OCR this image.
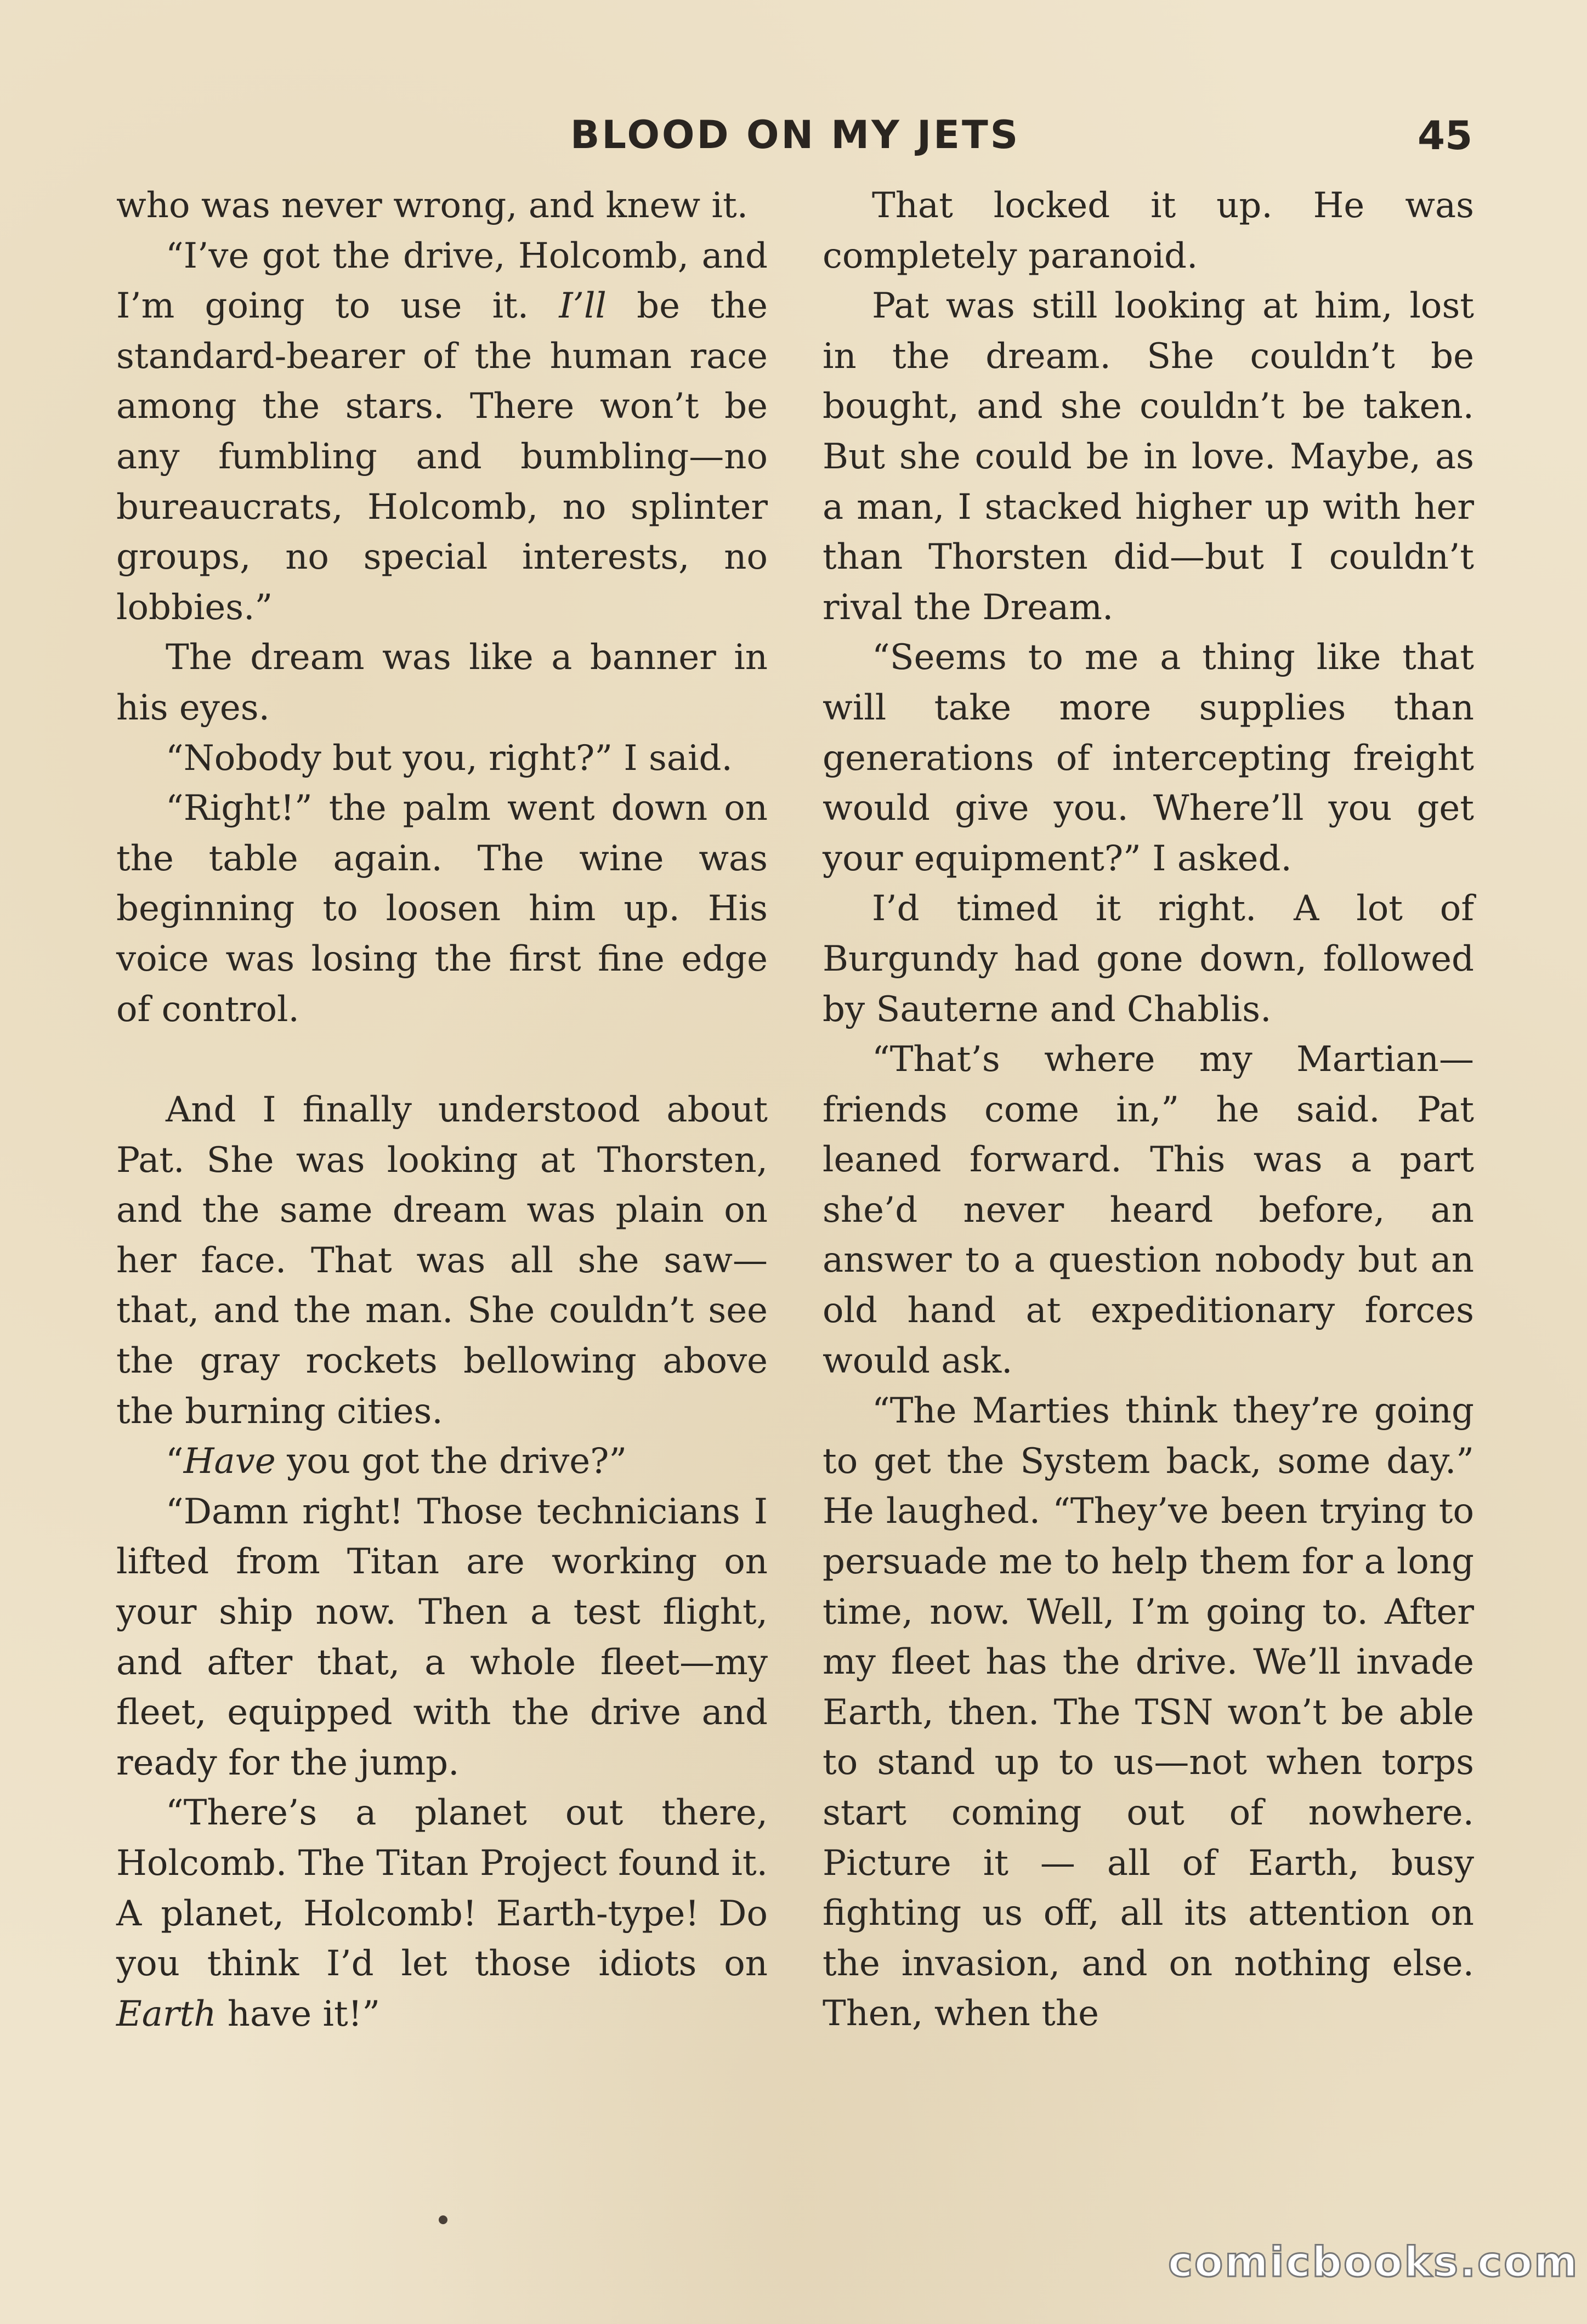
BLOOD ON MY JETS	45

who was never wrong, and knew it.

“I’ve got the drive, Holcomb, and I’m going to use it. I’ll be the standard-bearer of the human race among the stars. There won’t be any fumbling and bumbling—no bureaucrats, Holcomb, no splinter groups, no special interests, no lobbies.”

The dream was like a banner in his eyes.

“Nobody but you, right?” I said.

“Right!” the palm went down on the table again. The wine was beginning to loosen him up. His voice was losing the first fine edge of control.

And I finally understood about Pat. She was looking at Thorsten, and the same dream was plain on her face. That was all she saw—that, and the man. She couldn’t see the gray rockets bellowing above the burning cities.

“Have you got the drive?”

“Damn right! Those technicians I lifted from Titan are working on your ship now. Then a test flight, and after that, a whole fleet—my fleet, equipped with the drive and ready for the jump.

“There’s a planet out there, Holcomb. The Titan Project found it. A planet, Holcomb! Earth-type! Do you think I’d let those idiots on Earth have it!”

That locked it up. He was completely paranoid.

Pat was still looking at him, lost in the dream. She couldn’t be bought, and she couldn’t be taken. But she could be in love. Maybe, as a man, I stacked higher up with her than Thorsten did—but I couldn’t rival the Dream.

“Seems to me a thing like that will take more supplies than generations of intercepting freight would give you. Where’ll you get your equipment?” I asked.

I’d timed it right. A lot of Burgundy had gone down, followed by Sauterne and Chablis.

“That’s where my Martian—friends come in,” he said. Pat leaned forward. This was a part she’d never heard before, an answer to a question nobody but an old hand at expeditionary forces would ask.

“The Marties think they’re going to get the System back, some day.” He laughed. “They’ve been trying to persuade me to help them for a long time, now. Well, I’m going to. After my fleet has the drive. We’ll invade Earth, then. The TSN won’t be able to stand up to us—not when torps start coming out of nowhere. Picture it — all of Earth, busy fighting us off, all its attention on the invasion, and on nothing else. Then, when the

comicbooks.com
